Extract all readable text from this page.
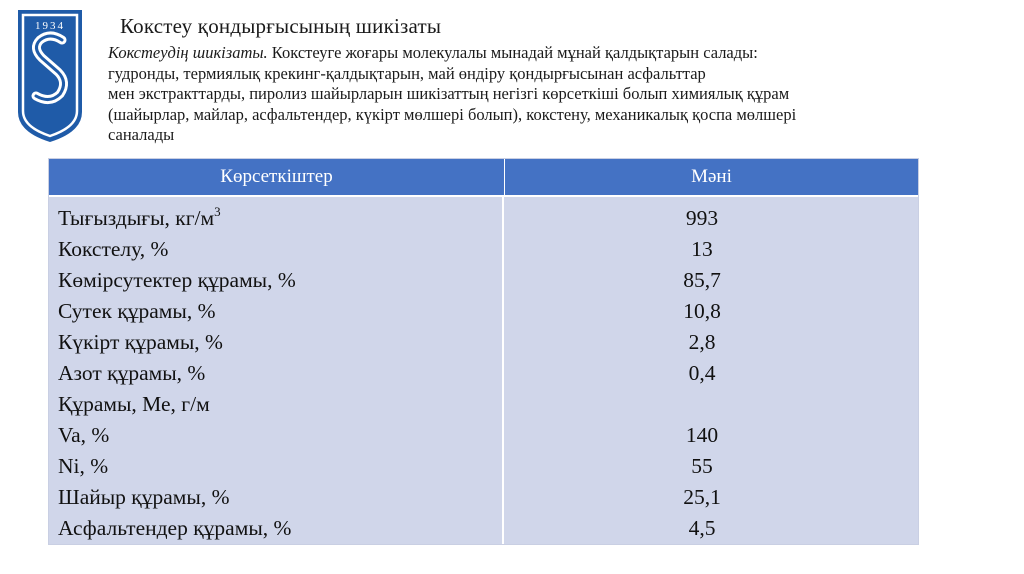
1934	Кокстеу қондырғысының шикізаты
Кокстеудің шикізаты. Кокстеуге жоғары молекулалы мынадай мұнай қалдықтарын салады:
гудронды, термиялық крекинг-қалдықтарын, май өндіру қондырғысынан асфальттар
мен экстракттарды, пиролиз шайырларын шикізаттың негізгі көрсеткіші болып химиялық құрам
(шайырлар, майлар, асфальтендер, күкірт мөлшері болып), кокстену, механикалық қоспа мөлшері
саналады
Көрсеткіштер	Мәні
Тығыздығы, $кг/м^3$
Кокстелу, %
Көмірсутектер құрамы, %
Сутек құрамы, %
Күкірт құрамы, %
Азот құрамы, %
Құрамы, Ме, г/м
Va, %
Ni, %
Шайыр құрамы, %
Асфальтендер құрамы, %
993
13
85,7
10,8
2,8
0,4
140
55
25,1
4,5
